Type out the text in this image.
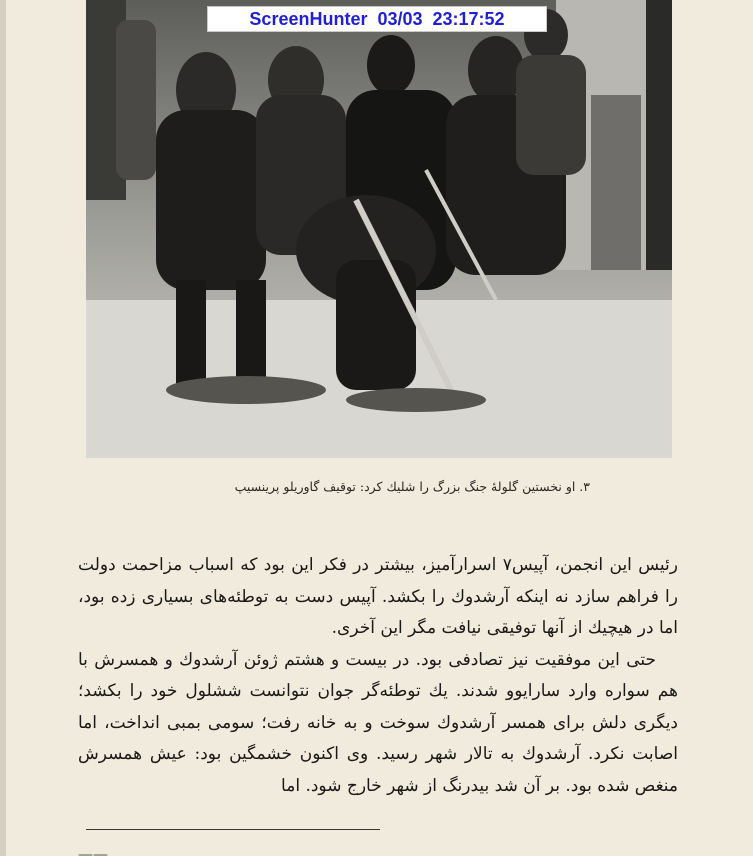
ScreenHunter  03/03  23:17:52
۳. او نخستین گلولهٔ جنگ بزرگ را شلیك كرد: توقیف گاوریلو پرینسیپ

رئیس این انجمن، آپیس۷ اسرارآمیز، بیشتر در فکر این بود که اسباب مزاحمت دولت را فراهم سازد نه اینکه آرشدوك را بکشد. آپیس دست به توطئه‌های بسیاری زده بود، اما در هیچیك از آنها توفیقی نیافت مگر این آخری.

حتی این موفقیت نیز تصادفی بود. در بیست و هشتم ژوئن آرشدوك و همسرش با هم سواره وارد سارایوو شدند. یك توطئه‌گر جوان نتوانست ششلول خود را بکشد؛ دیگری دلش برای همسر آرشدوك سوخت و به خانه رفت؛ سومی بمبی انداخت، اما اصابت نکرد. آرشدوك به تالار شهر رسید. وی اکنون خشمگین بود: عیش همسرش منغص شده بود. بر آن شد بیدرنگ از شهر خارج شود. اما

——
